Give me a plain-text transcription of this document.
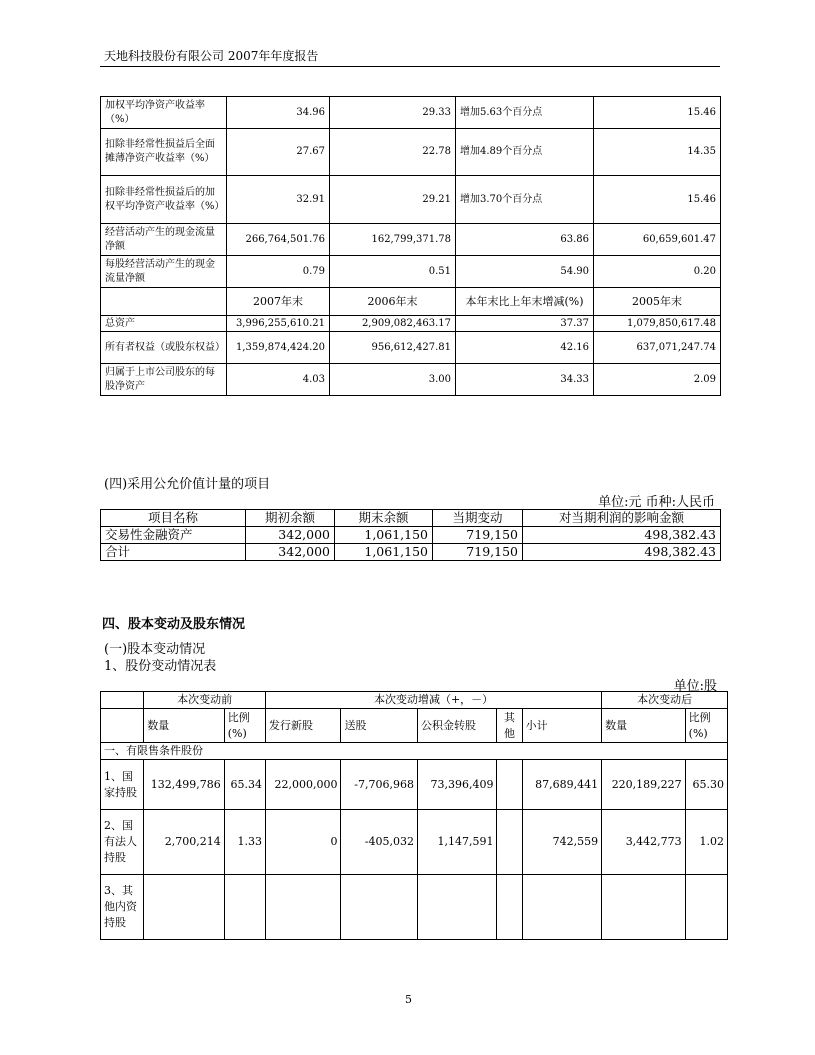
天地科技股份有限公司 2007年年度报告
加权平均净资产收益率（%）	34.96	29.33	增加5.63个百分点	15.46
扣除非经常性损益后全面摊薄净资产收益率（%）	27.67	22.78	增加4.89个百分点	14.35
扣除非经常性损益后的加权平均净资产收益率（%）	32.91	29.21	增加3.70个百分点	15.46
经营活动产生的现金流量净额	266,764,501.76	162,799,371.78	63.86	60,659,601.47
每股经营活动产生的现金流量净额	0.79	0.51	54.90	0.20
	2007年末	2006年末	本年末比上年末增减(%)	2005年末
总资产	3,996,255,610.21	2,909,082,463.17	37.37	1,079,850,617.48
所有者权益（或股东权益）	1,359,874,424.20	956,612,427.81	42.16	637,071,247.74
归属于上市公司股东的每股净资产	4.03	3.00	34.33	2.09
(四)采用公允价值计量的项目
单位:元 币种:人民币
项目名称	期初余额	期末余额	当期变动	对当期利润的影响金额
交易性金融资产	342,000	1,061,150	719,150	498,382.43
合计	342,000	1,061,150	719,150	498,382.43
四、股本变动及股东情况
(一)股本变动情况
1、股份变动情况表
单位:股
	本次变动前		本次变动增减（+，－）					本次变动后	
	数量	比例(%)	发行新股	送股	公积金转股	其他	小计	数量	比例(%)
一、有限售条件股份									
1、国家持股	132,499,786	65.34	22,000,000	-7,706,968	73,396,409		87,689,441	220,189,227	65.30
2、国有法人持股	2,700,214	1.33	0	-405,032	1,147,591		742,559	3,442,773	1.02
3、其他内资持股									
5
